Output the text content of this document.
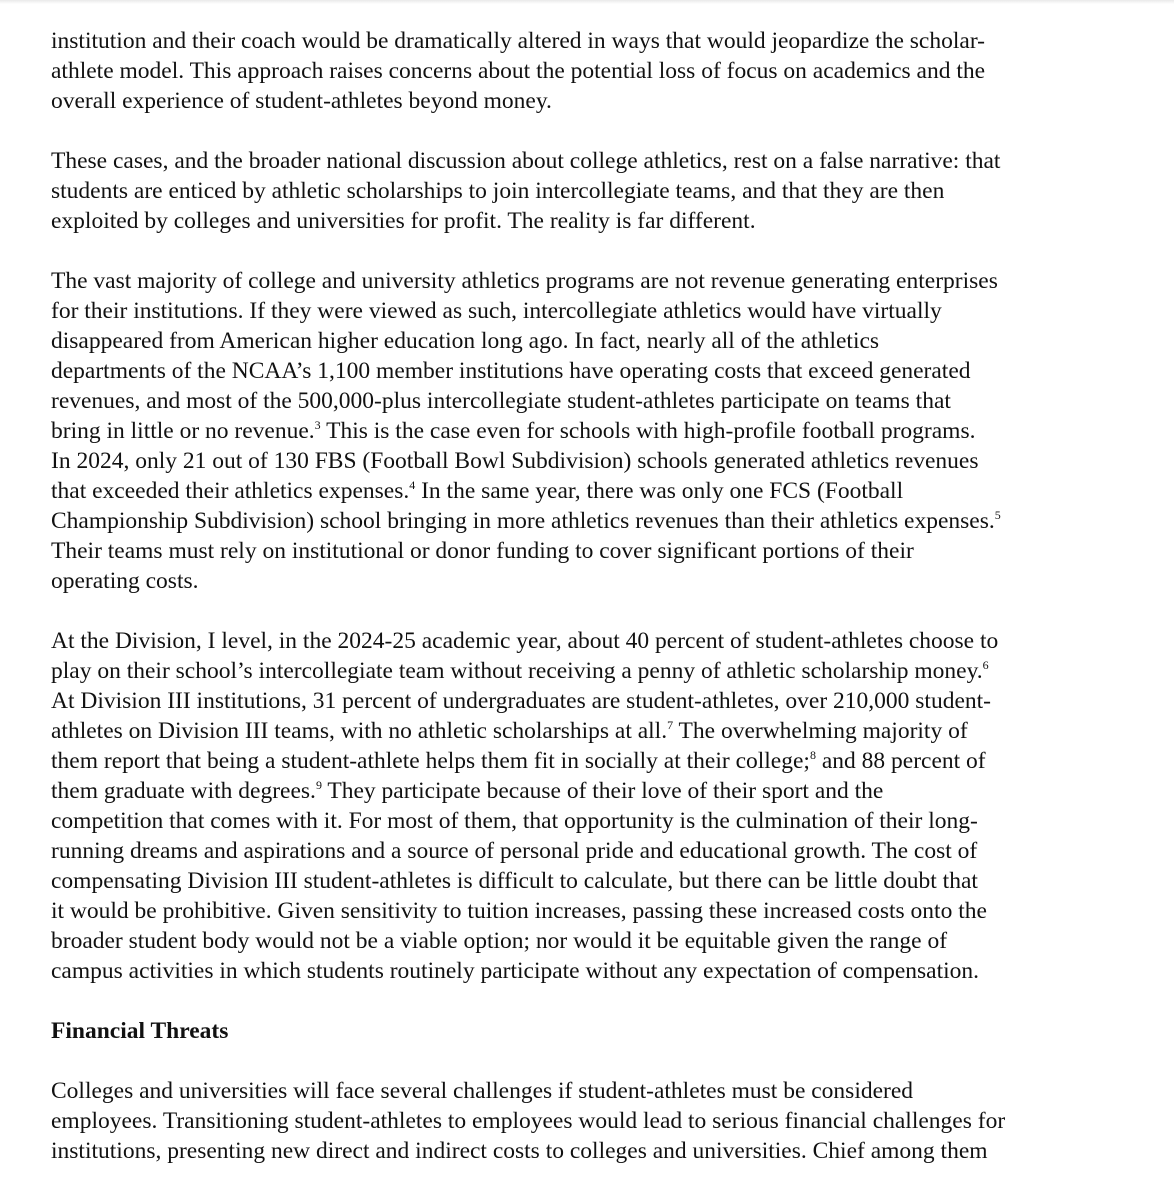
institution and their coach would be dramatically altered in ways that would jeopardize the scholar-
athlete model. This approach raises concerns about the potential loss of focus on academics and the
overall experience of student-athletes beyond money.

These cases, and the broader national discussion about college athletics, rest on a false narrative: that
students are enticed by athletic scholarships to join intercollegiate teams, and that they are then
exploited by colleges and universities for profit. The reality is far different.

The vast majority of college and university athletics programs are not revenue generating enterprises
for their institutions. If they were viewed as such, intercollegiate athletics would have virtually
disappeared from American higher education long ago. In fact, nearly all of the athletics
departments of the NCAA’s 1,100 member institutions have operating costs that exceed generated
revenues, and most of the 500,000-plus intercollegiate student-athletes participate on teams that
bring in little or no revenue.$^3$ This is the case even for schools with high-profile football programs.
In 2024, only 21 out of 130 FBS (Football Bowl Subdivision) schools generated athletics revenues
that exceeded their athletics expenses.$^4$ In the same year, there was only one FCS (Football
Championship Subdivision) school bringing in more athletics revenues than their athletics expenses.$^5$
Their teams must rely on institutional or donor funding to cover significant portions of their
operating costs.

At the Division, I level, in the 2024-25 academic year, about 40 percent of student-athletes choose to
play on their school’s intercollegiate team without receiving a penny of athletic scholarship money.$^6$
At Division III institutions, 31 percent of undergraduates are student-athletes, over 210,000 student-
athletes on Division III teams, with no athletic scholarships at all.$^7$ The overwhelming majority of
them report that being a student-athlete helps them fit in socially at their college;$^8$ and 88 percent of
them graduate with degrees.$^9$ They participate because of their love of their sport and the
competition that comes with it. For most of them, that opportunity is the culmination of their long-
running dreams and aspirations and a source of personal pride and educational growth. The cost of
compensating Division III student-athletes is difficult to calculate, but there can be little doubt that
it would be prohibitive. Given sensitivity to tuition increases, passing these increased costs onto the
broader student body would not be a viable option; nor would it be equitable given the range of
campus activities in which students routinely participate without any expectation of compensation.

Financial Threats

Colleges and universities will face several challenges if student-athletes must be considered
employees. Transitioning student-athletes to employees would lead to serious financial challenges for
institutions, presenting new direct and indirect costs to colleges and universities. Chief among them
